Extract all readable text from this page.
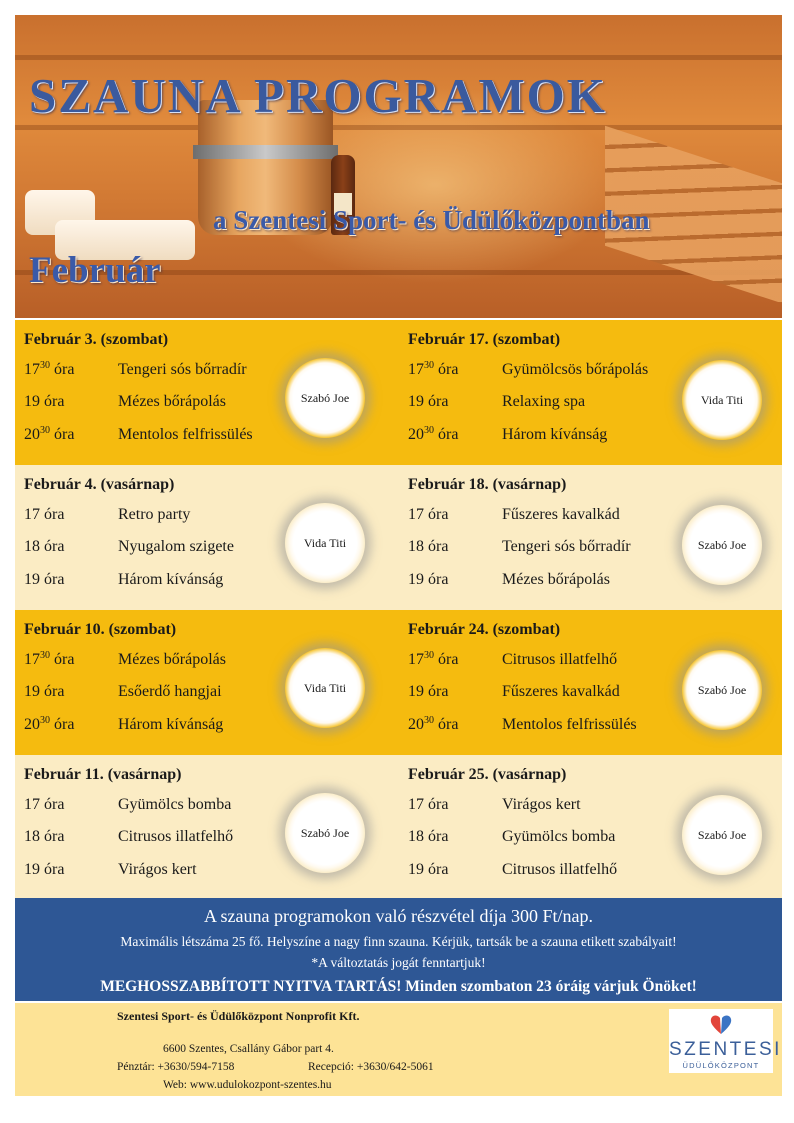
SZAUNA PROGRAMOK
a Szentesi Sport- és Üdülőközpontban
Február
Február 3. (szombat)
$17^{30}$ óra	Tengeri sós bőrradír
19 óra	Mézes bőrápolás
$20^{30}$ óra	Mentolos felfrissülés
Szabó Joe
Február 17. (szombat)
$17^{30}$ óra	Gyümölcsös bőrápolás
19 óra	Relaxing spa
$20^{30}$ óra	Három kívánság
Vida Titi
Február 4. (vasárnap)
17 óra	Retro party
18 óra	Nyugalom szigete
19 óra	Három kívánság
Vida Titi
Február 18. (vasárnap)
17 óra	Fűszeres kavalkád
18 óra	Tengeri sós bőrradír
19 óra	Mézes bőrápolás
Szabó Joe
Február 10. (szombat)
$17^{30}$ óra	Mézes bőrápolás
19 óra	Esőerdő hangjai
$20^{30}$ óra	Három kívánság
Vida Titi
Február 24. (szombat)
$17^{30}$ óra	Citrusos illatfelhő
19 óra	Fűszeres kavalkád
$20^{30}$ óra	Mentolos felfrissülés
Szabó Joe
Február 11. (vasárnap)
17 óra	Gyümölcs bomba
18 óra	Citrusos illatfelhő
19 óra	Virágos kert
Szabó Joe
Február 25. (vasárnap)
17 óra	Virágos kert
18 óra	Gyümölcs bomba
19 óra	Citrusos illatfelhő
Szabó Joe
A szauna programokon való részvétel díja 300 Ft/nap.
Maximális létszáma 25 fő. Helyszíne a nagy finn szauna. Kérjük, tartsák be a szauna etikett szabályait!
*A változtatás jogát fenntartjuk!
MEGHOSSZABBÍTOTT NYITVA TARTÁS! Minden szombaton 23 óráig várjuk Önöket!
Szentesi Sport- és Üdülőközpont Nonprofit Kft.
6600 Szentes, Csallány Gábor part 4.
Pénztár: +3630/594-7158	Recepció: +3630/642-5061
Web: www.udulokozpont-szentes.hu
SZENTESI
ÜDÜLŐKÖZPONT
